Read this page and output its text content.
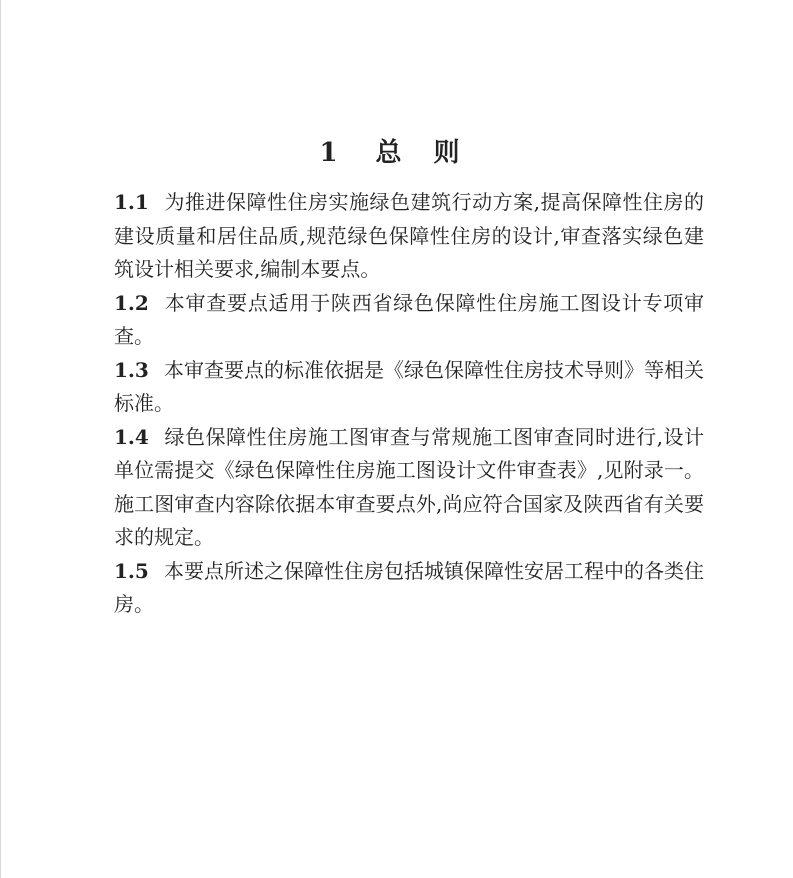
1 总 则

1.1 为推进保障性住房实施绿色建筑行动方案,提高保障性住房的建设质量和居住品质,规范绿色保障性住房的设计,审查落实绿色建筑设计相关要求,编制本要点。

1.2 本审查要点适用于陕西省绿色保障性住房施工图设计专项审查。

1.3 本审查要点的标准依据是《绿色保障性住房技术导则》等相关标准。

1.4 绿色保障性住房施工图审查与常规施工图审查同时进行,设计单位需提交《绿色保障性住房施工图设计文件审查表》,见附录一。施工图审查内容除依据本审查要点外,尚应符合国家及陕西省有关要求的规定。

1.5 本要点所述之保障性住房包括城镇保障性安居工程中的各类住房。
